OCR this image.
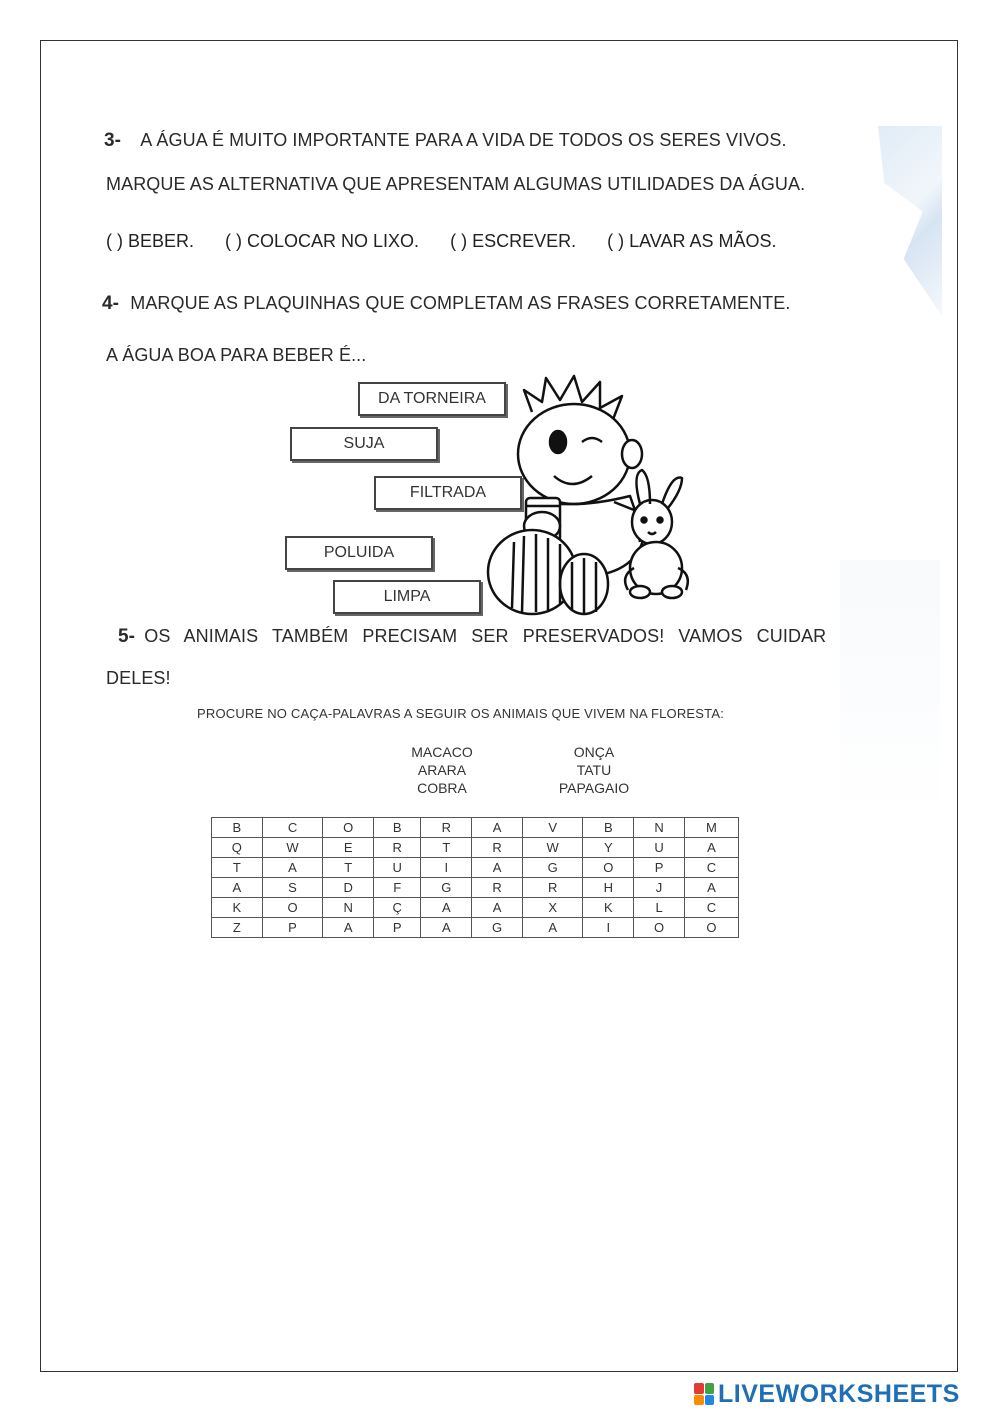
3- A ÁGUA É MUITO IMPORTANTE PARA A VIDA DE TODOS OS SERES VIVOS.
MARQUE AS ALTERNATIVA QUE APRESENTAM ALGUMAS UTILIDADES DA ÁGUA.
( ) BEBER. ( ) COLOCAR NO LIXO. ( ) ESCREVER. ( ) LAVAR AS MÃOS.
4- MARQUE AS PLAQUINHAS QUE COMPLETAM AS FRASES CORRETAMENTE.
A ÁGUA BOA PARA BEBER É...
DA TORNEIRA
SUJA
FILTRADA
POLUIDA
LIMPA
5- OS ANIMAIS TAMBÉM PRECISAM SER PRESERVADOS! VAMOS CUIDAR
DELES!
PROCURE NO CAÇA-PALAVRAS A SEGUIR OS ANIMAIS QUE VIVEM NA FLORESTA:
MACACO
ARARA
COBRA
ONÇA
TATU
PAPAGAIO
B	C	O	B	R	A	V	B	N	M
Q	W	E	R	T	R	W	Y	U	A
T	A	T	U	I	A	G	O	P	C
A	S	D	F	G	R	R	H	J	A
K	O	N	Ç	A	A	X	K	L	C
Z	P	A	P	A	G	A	I	O	O
LIVEWORKSHEETS
